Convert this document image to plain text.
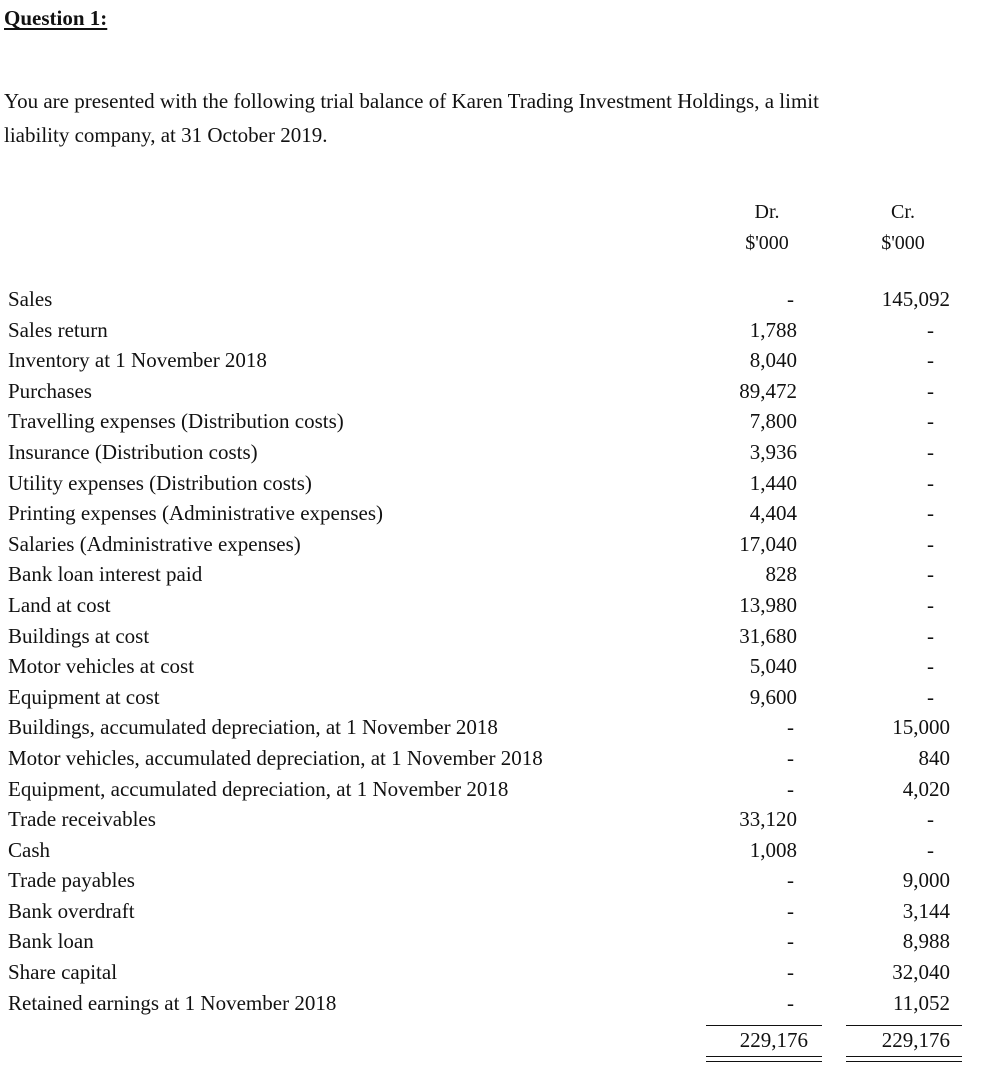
Question 1:
You are presented with the following trial balance of Karen Trading Investment Holdings, a limit
liability company, at 31 October 2019.
Dr.
$'000
Cr.
$'000
Sales	-	145,092
Sales return	1,788	-
Inventory at 1 November 2018	8,040	-
Purchases	89,472	-
Travelling expenses (Distribution costs)	7,800	-
Insurance (Distribution costs)	3,936	-
Utility expenses (Distribution costs)	1,440	-
Printing expenses (Administrative expenses)	4,404	-
Salaries (Administrative expenses)	17,040	-
Bank loan interest paid	828	-
Land at cost	13,980	-
Buildings at cost	31,680	-
Motor vehicles at cost	5,040	-
Equipment at cost	9,600	-
Buildings, accumulated depreciation, at 1 November 2018	-	15,000
Motor vehicles, accumulated depreciation, at 1 November 2018	-	840
Equipment, accumulated depreciation, at 1 November 2018	-	4,020
Trade receivables	33,120	-
Cash	1,008	-
Trade payables	-	9,000
Bank overdraft	-	3,144
Bank loan	-	8,988
Share capital	-	32,040
Retained earnings at 1 November 2018	-	11,052
229,176	229,176
